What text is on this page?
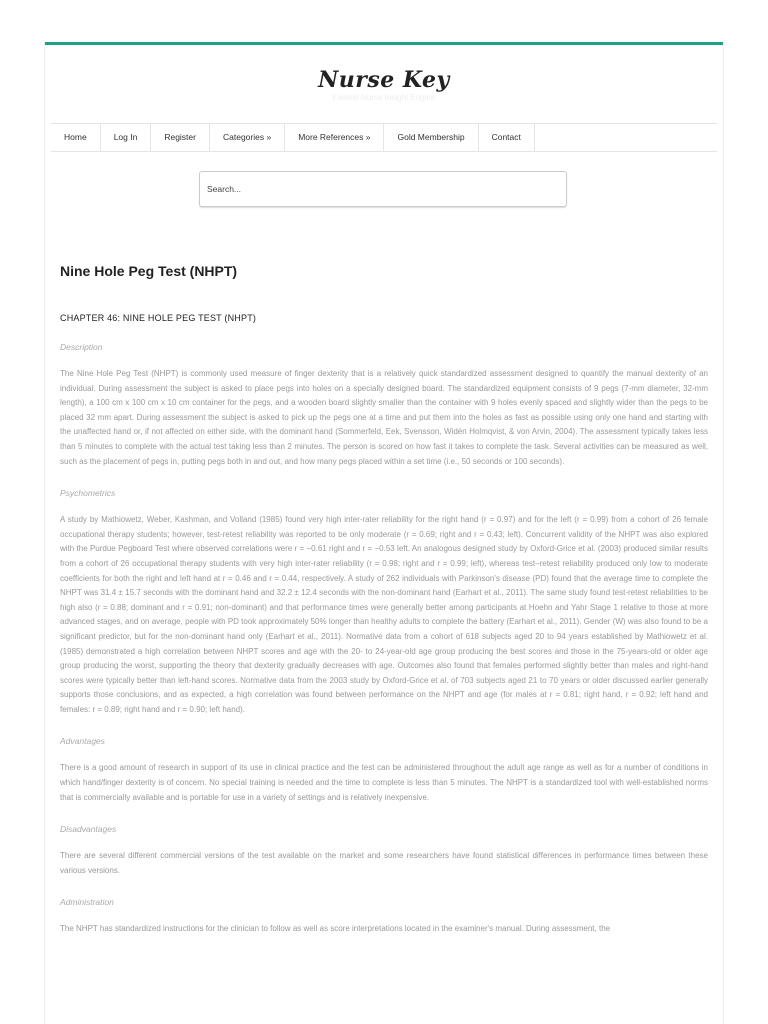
Nurse Key
Fastest Nurse Insight Engine
Home	Log In	Register	Categories »	More References »	Gold Membership	Contact
Search...
Nine Hole Peg Test (NHPT)
CHAPTER 46: NINE HOLE PEG TEST (NHPT)
Description
The Nine Hole Peg Test (NHPT) is commonly used measure of finger dexterity that is a relatively quick standardized assessment designed to quantify the manual dexterity of an individual. During assessment the subject is asked to place pegs into holes on a specially designed board. The standardized equipment consists of 9 pegs (7-mm diameter, 32-mm length), a 100 cm x 100 cm x 10 cm container for the pegs, and a wooden board slightly smaller than the container with 9 holes evenly spaced and slightly wider than the pegs to be placed 32 mm apart. During assessment the subject is asked to pick up the pegs one at a time and put them into the holes as fast as possible using only one hand and starting with the unaffected hand or, if not affected on either side, with the dominant hand (Sommerfeld, Eek, Svensson, Widén Holmqvist, & von Arvin, 2004). The assessment typically takes less than 5 minutes to complete with the actual test taking less than 2 minutes. The person is scored on how fast it takes to complete the task. Several activities can be measured as well, such as the placement of pegs in, putting pegs both in and out, and how many pegs placed within a set time (i.e., 50 seconds or 100 seconds).
Psychometrics
A study by Mathiowetz, Weber, Kashman, and Volland (1985) found very high inter-rater reliability for the right hand (r = 0.97) and for the left (r = 0.99) from a cohort of 26 female occupational therapy students; however, test-retest reliability was reported to be only moderate (r = 0.69; right and r = 0.43; left). Concurrent validity of the NHPT was also explored with the Purdue Pegboard Test where observed correlations were r = −0.61 right and r = −0.53 left. An analogous designed study by Oxford-Grice et al. (2003) produced similar results from a cohort of 26 occupational therapy students with very high inter-rater reliability (r = 0.98; right and r = 0.99; left), whereas test–retest reliability produced only low to moderate coefficients for both the right and left hand at r = 0.46 and r = 0.44, respectively. A study of 262 individuals with Parkinson's disease (PD) found that the average time to complete the NHPT was 31.4 ± 15.7 seconds with the dominant hand and 32.2 ± 12.4 seconds with the non-dominant hand (Earhart et al., 2011). The same study found test-retest reliabilities to be high also (r = 0.88; dominant and r = 0.91; non-dominant) and that performance times were generally better among participants at Hoehn and Yahr Stage 1 relative to those at more advanced stages, and on average, people with PD took approximately 50% longer than healthy adults to complete the battery (Earhart et al., 2011). Gender (W) was also found to be a significant predictor, but for the non-dominant hand only (Earhart et al., 2011). Normative data from a cohort of 618 subjects aged 20 to 94 years established by Mathiowetz et al. (1985) demonstrated a high correlation between NHPT scores and age with the 20- to 24-year-old age group producing the best scores and those in the 75-years-old or older age group producing the worst, supporting the theory that dexterity gradually decreases with age. Outcomes also found that females performed slightly better than males and right-hand scores were typically better than left-hand scores. Normative data from the 2003 study by Oxford-Grice et al. of 703 subjects aged 21 to 70 years or older discussed earlier generally supports those conclusions, and as expected, a high correlation was found between performance on the NHPT and age (for males at r = 0.81; right hand, r = 0.92; left hand and females: r = 0.89; right hand and r = 0.90; left hand).
Advantages
There is a good amount of research in support of its use in clinical practice and the test can be administered throughout the adult age range as well as for a number of conditions in which hand/finger dexterity is of concern. No special training is needed and the time to complete is less than 5 minutes. The NHPT is a standardized tool with well-established norms that is commercially available and is portable for use in a variety of settings and is relatively inexpensive.
Disadvantages
There are several different commercial versions of the test available on the market and some researchers have found statistical differences in performance times between these various versions.
Administration
The NHPT has standardized instructions for the clinician to follow as well as score interpretations located in the examiner's manual. During assessment, the
